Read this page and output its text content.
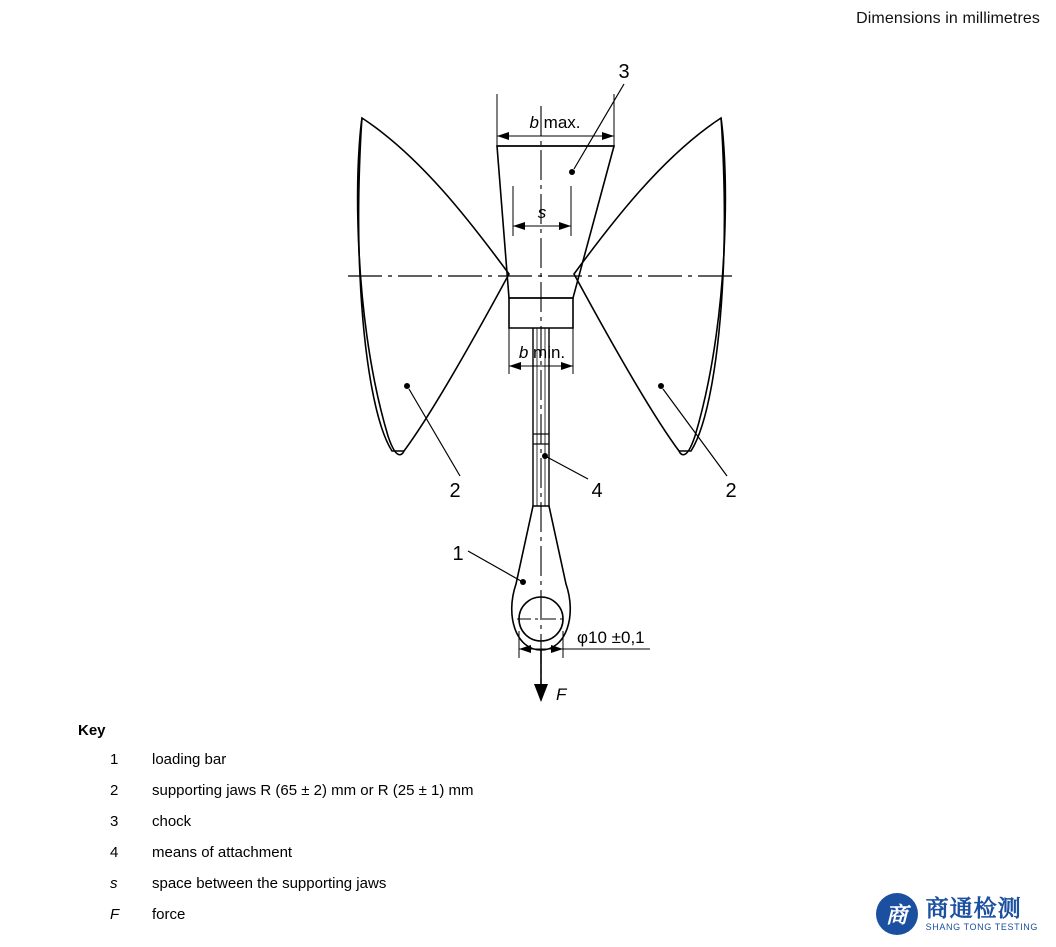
Dimensions in millimetres
b max.
s
b min.
φ10 ±0,1
F
3
2	2
4
1
Key
1	loading bar
2	supporting jaws R (65 ± 2) mm or R (25 ± 1) mm
3	chock
4	means of attachment
s	space between the supporting jaws
F	force	商 商通检测
SHANG TONG TESTING
